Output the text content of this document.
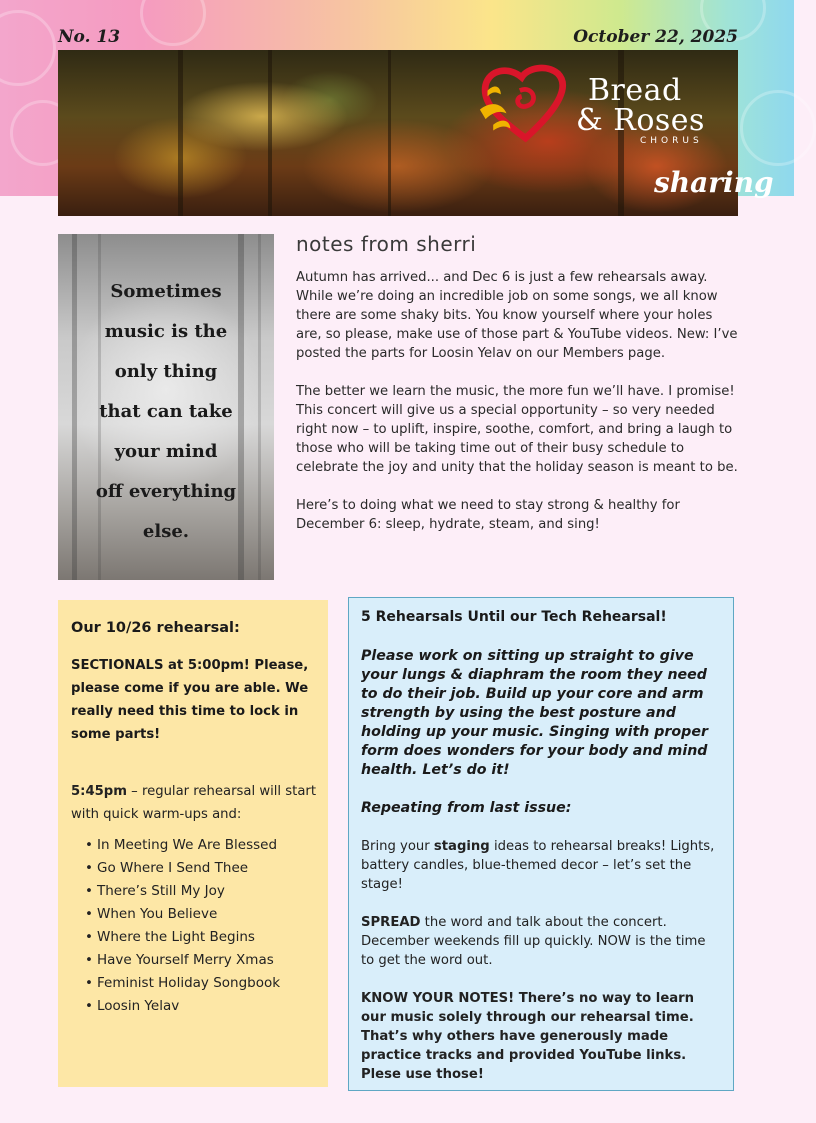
No. 13	October 22, 2025
Bread
& Roses
CHORUS
sharing
Sometimes
music is the
only thing
that can take
your mind
off everything
else.
notes from sherri

Autumn has arrived... and Dec 6 is just a few rehearsals away. While we’re doing an incredible job on some songs, we all know there are some shaky bits. You know yourself where your holes are, so please, make use of those part & YouTube videos. New: I’ve posted the parts for Loosin Yelav on our Members page.

The better we learn the music, the more fun we’ll have. I promise! This concert will give us a special opportunity – so very needed right now – to uplift, inspire, soothe, comfort, and bring a laugh to those who will be taking time out of their busy schedule to celebrate the joy and unity that the holiday season is meant to be.

Here’s to doing what we need to stay strong & healthy for December 6: sleep, hydrate, steam, and sing!

Our 10/26 rehearsal:
SECTIONALS at 5:00pm! Please, please come if you are able. We really need this time to lock in some parts!
5:45pm – regular rehearsal will start with quick warm-ups and:
• In Meeting We Are Blessed
• Go Where I Send Thee
• There’s Still My Joy
• When You Believe
• Where the Light Begins
• Have Yourself Merry Xmas
• Feminist Holiday Songbook
• Loosin Yelav
5 Rehearsals Until our Tech Rehearsal!
Please work on sitting up straight to give your lungs & diaphram the room they need to do their job. Build up your core and arm strength by using the best posture and holding up your music. Singing with proper form does wonders for your body and mind health. Let’s do it!
Repeating from last issue:
Bring your staging ideas to rehearsal breaks! Lights, battery candles, blue-themed decor – let’s set the stage!
SPREAD the word and talk about the concert. December weekends fill up quickly. NOW is the time to get the word out.
KNOW YOUR NOTES! There’s no way to learn our music solely through our rehearsal time. That’s why others have generously made practice tracks and provided YouTube links. Plese use those!
